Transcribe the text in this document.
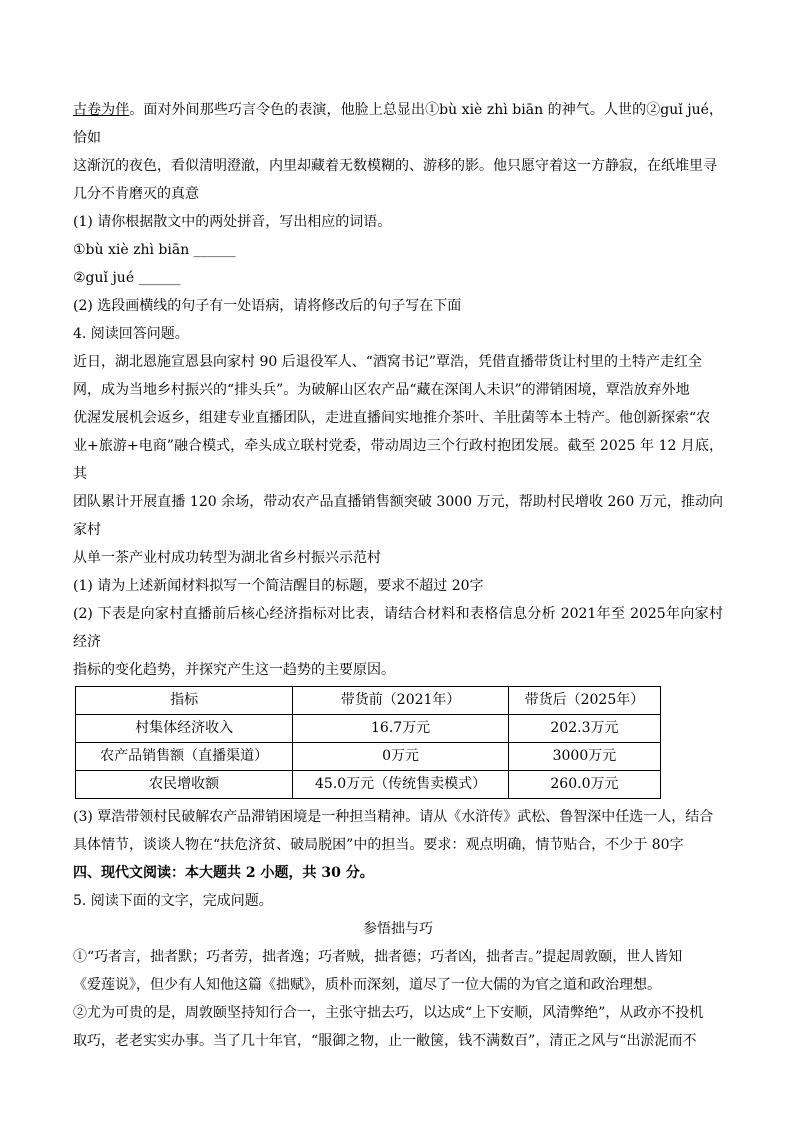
古卷为伴。面对外间那些巧言令色的表演，他脸上总显出①bù xiè zhì biān 的神气。人世的②guǐ jué，恰如

这渐沉的夜色，看似清明澄澈，内里却藏着无数模糊的、游移的影。他只愿守着这一方静寂，在纸堆里寻

几分不肯磨灭的真意

(1) 请你根据散文中的两处拼音，写出相应的词语。

①bù xiè zhì biān ______

②guǐ jué ______

(2) 选段画横线的句子有一处语病，请将修改后的句子写在下面

4. 阅读回答问题。

近日，湖北恩施宣恩县向家村 90 后退役军人、“酒窝书记”覃浩，凭借直播带货让村里的土特产走红全

网，成为当地乡村振兴的“排头兵”。为破解山区农产品“藏在深闺人未识”的滞销困境，覃浩放弃外地

优渥发展机会返乡，组建专业直播团队，走进直播间实地推介茶叶、羊肚菌等本土特产。他创新探索“农

业+旅游+电商”融合模式，牵头成立联村党委，带动周边三个行政村抱团发展。截至 2025 年 12 月底，其

团队累计开展直播 120 余场，带动农产品直播销售额突破 3000 万元，帮助村民增收 260 万元，推动向家村

从单一茶产业村成功转型为湖北省乡村振兴示范村

(1) 请为上述新闻材料拟写一个简洁醒目的标题，要求不超过 20字

(2) 下表是向家村直播前后核心经济指标对比表，请结合材料和表格信息分析 2021年至 2025年向家村经济

指标的变化趋势，并探究产生这一趋势的主要原因。

指标	带货前（2021年）	带货后（2025年）
村集体经济收入	16.7万元	202.3万元
农产品销售额（直播渠道）	0万元	3000万元
农民增收额	45.0万元（传统售卖模式）	260.0万元

(3) 覃浩带领村民破解农产品滞销困境是一种担当精神。请从《水浒传》武松、鲁智深中任选一人，结合

具体情节，谈谈人物在“扶危济贫、破局脱困”中的担当。要求：观点明确，情节贴合，不少于 80字

四、现代文阅读：本大题共 2 小题，共 30 分。

5. 阅读下面的文字，完成问题。

参悟拙与巧

①“巧者言，拙者默；巧者劳，拙者逸；巧者贼，拙者德；巧者凶，拙者吉。”提起周敦颐，世人皆知

《爱莲说》，但少有人知他这篇《拙赋》，质朴而深刻，道尽了一位大儒的为官之道和政治理想。

②尤为可贵的是，周敦颐坚持知行合一，主张守拙去巧，以达成“上下安顺，风清弊绝”，从政亦不投机

取巧，老老实实办事。当了几十年官，“服御之物，止一敝箧，钱不满数百”，清正之风与“出淤泥而不
